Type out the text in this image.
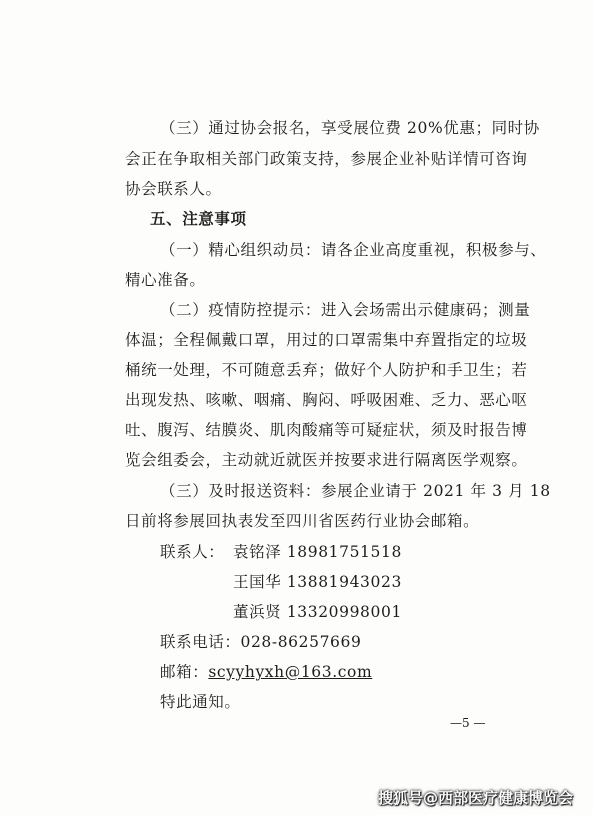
（三）通过协会报名，享受展位费 20%优惠；同时协
会正在争取相关部门政策支持，参展企业补贴详情可咨询
协会联系人。
五、注意事项
（一）精心组织动员：请各企业高度重视，积极参与、
精心准备。
（二）疫情防控提示：进入会场需出示健康码；测量
体温；全程佩戴口罩，用过的口罩需集中弃置指定的垃圾
桶统一处理，不可随意丢弃；做好个人防护和手卫生；若
出现发热、咳嗽、咽痛、胸闷、呼吸困难、乏力、恶心呕
吐、腹泻、结膜炎、肌肉酸痛等可疑症状，须及时报告博
览会组委会，主动就近就医并按要求进行隔离医学观察。
（三）及时报送资料：参展企业请于 2021 年 3 月 18
日前将参展回执表发至四川省医药行业协会邮箱。
联系人： 袁铭泽 18981751518
王国华 13881943023
董浜贤 13320998001
联系电话：028-86257669
邮箱：scyyhyxh@163.com
特此通知。
—5 —
搜狐号@西部医疗健康博览会
